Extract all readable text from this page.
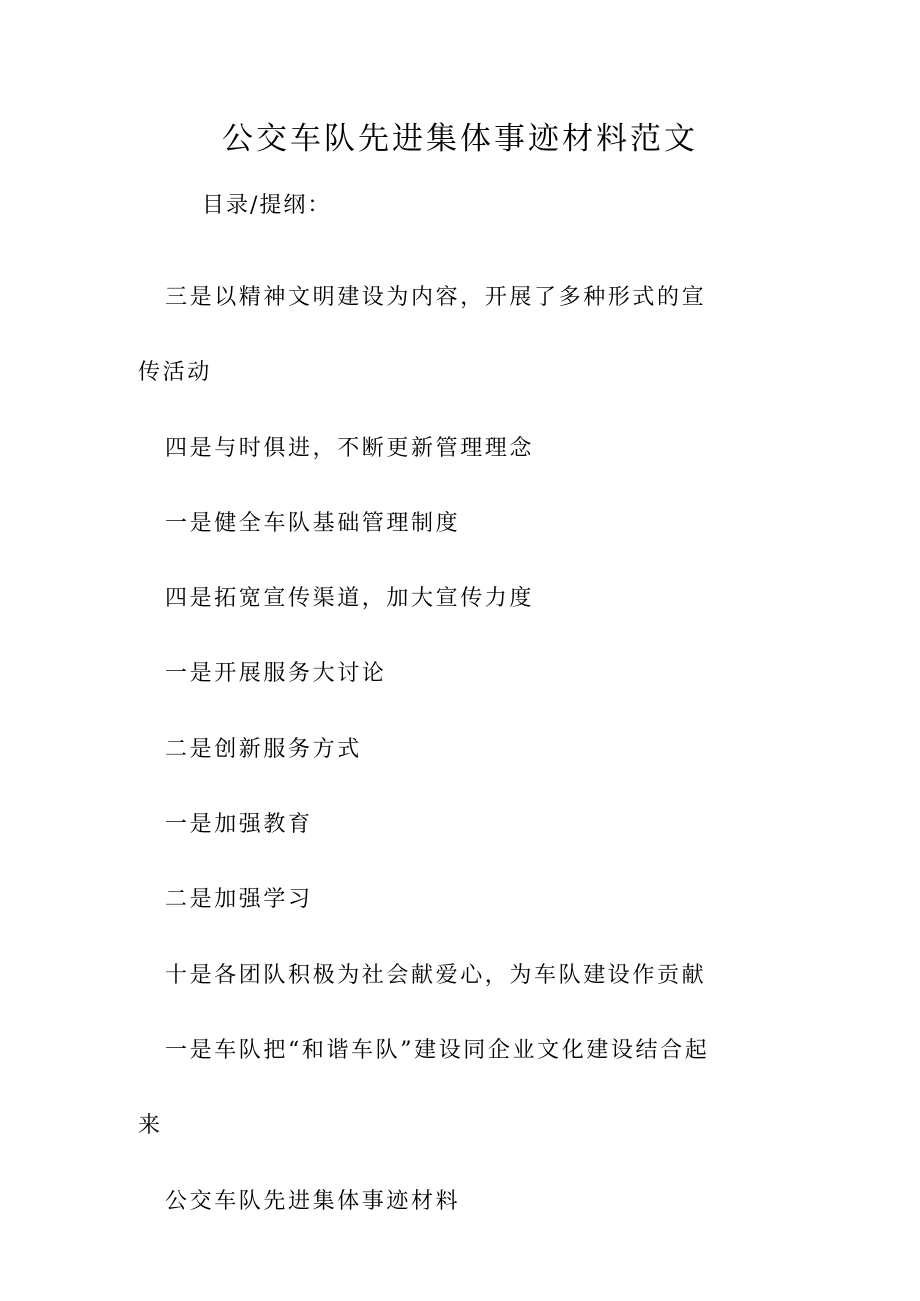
公交车队先进集体事迹材料范文
目录/提纲：
三是以精神文明建设为内容，开展了多种形式的宣传活动
四是与时俱进，不断更新管理理念
一是健全车队基础管理制度
四是拓宽宣传渠道，加大宣传力度
一是开展服务大讨论
二是创新服务方式
一是加强教育
二是加强学习
十是各团队积极为社会献爱心，为车队建设作贡献
一是车队把“和谐车队”建设同企业文化建设结合起来
公交车队先进集体事迹材料
